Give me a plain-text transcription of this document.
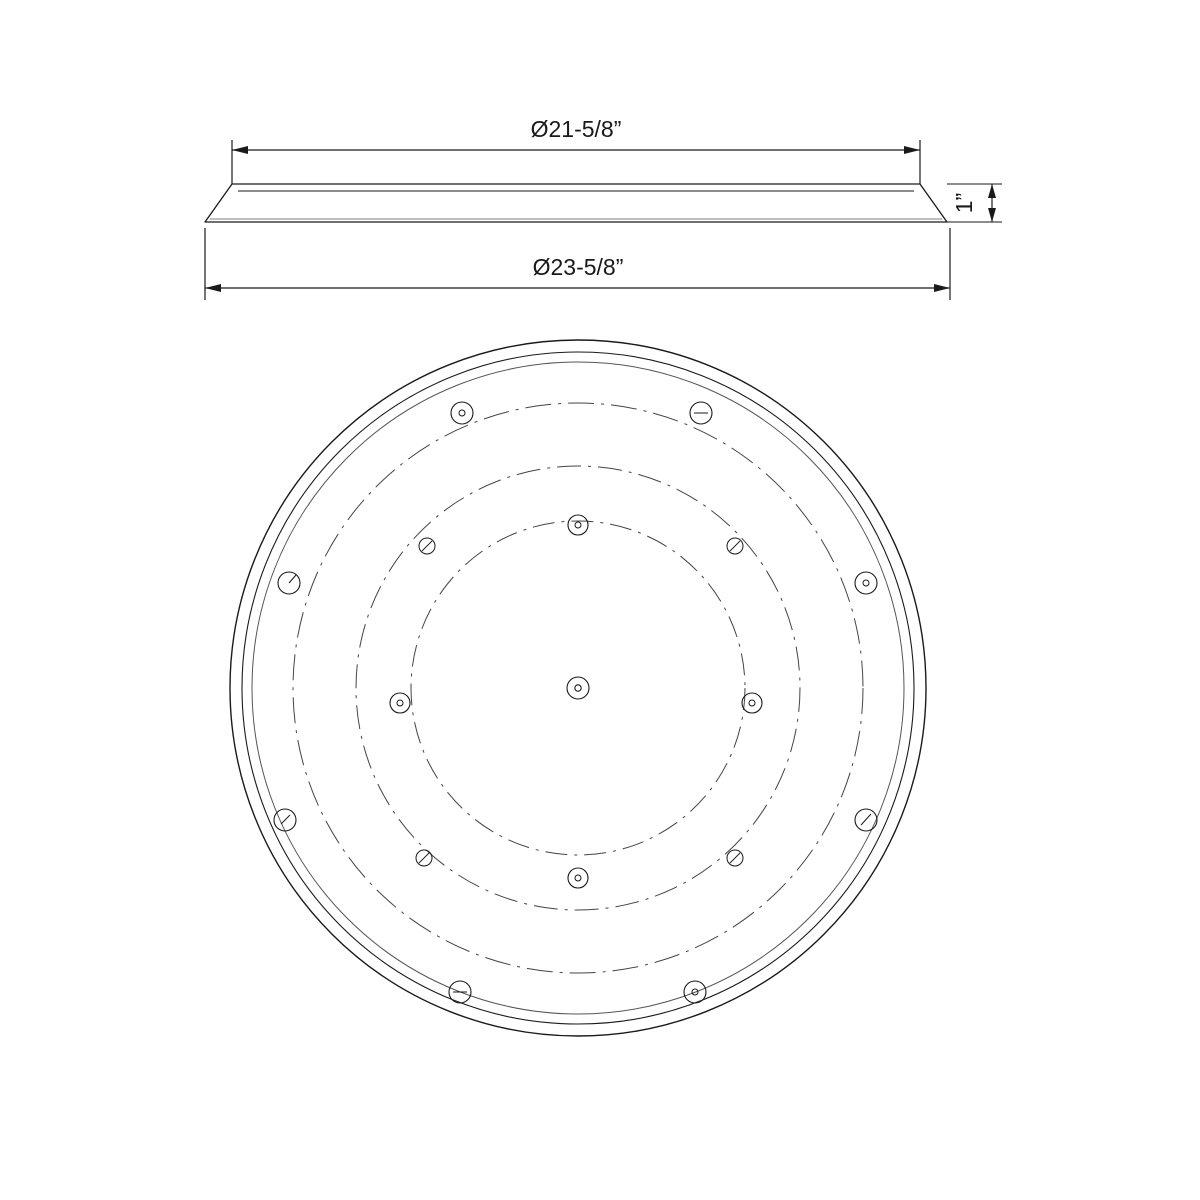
Ø21-5/8”
1”
Ø23-5/8”
